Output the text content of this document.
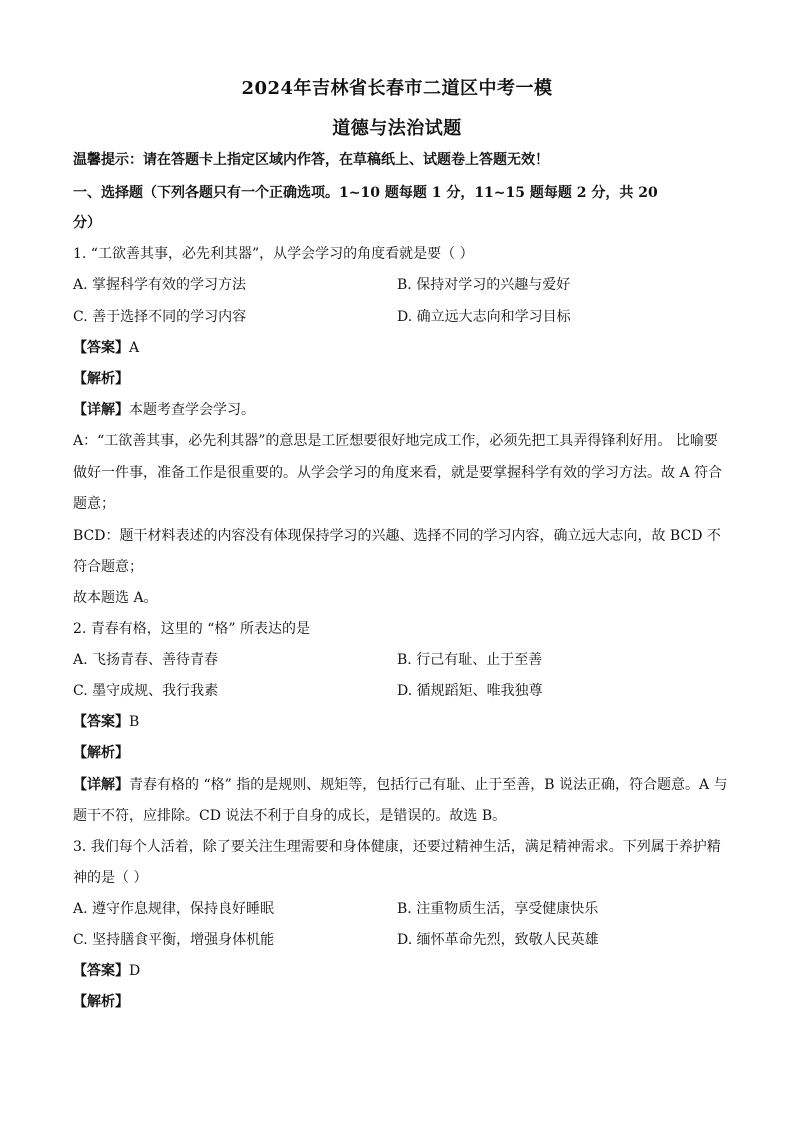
2024年吉林省长春市二道区中考一模
道德与法治试题
温馨提示：请在答题卡上指定区域内作答，在草稿纸上、试题卷上答题无效！
一、选择题（下列各题只有一个正确选项。1~10 题每题 1 分，11~15 题每题 2 分，共 20
分）
1. “工欲善其事，必先利其器”，从学会学习的角度看就是要（ ）
A. 掌握科学有效的学习方法	B. 保持对学习的兴趣与爱好
C. 善于选择不同的学习内容	D. 确立远大志向和学习目标
【答案】A
【解析】
【详解】本题考查学会学习。
A：“工欲善其事，必先利其器”的意思是工匠想要很好地完成工作，必须先把工具弄得锋利好用。 比喻要
做好一件事，准备工作是很重要的。从学会学习的角度来看，就是要掌握科学有效的学习方法。故 A 符合
题意；
BCD：题干材料表述的内容没有体现保持学习的兴趣、选择不同的学习内容，确立远大志向，故 BCD 不
符合题意；
故本题选 A。
2. 青春有格，这里的 “格” 所表达的是
A. 飞扬青春、善待青春	B. 行己有耻、止于至善
C. 墨守成规、我行我素	D. 循规蹈矩、唯我独尊
【答案】B
【解析】
【详解】青春有格的 “格” 指的是规则、规矩等，包括行己有耻、止于至善，B 说法正确，符合题意。A 与
题干不符，应排除。CD 说法不利于自身的成长，是错误的。故选 B。
3. 我们每个人活着，除了要关注生理需要和身体健康，还要过精神生活，满足精神需求。下列属于养护精
神的是（ ）
A. 遵守作息规律，保持良好睡眠	B. 注重物质生活，享受健康快乐
C. 坚持膳食平衡，增强身体机能	D. 缅怀革命先烈，致敬人民英雄
【答案】D
【解析】
